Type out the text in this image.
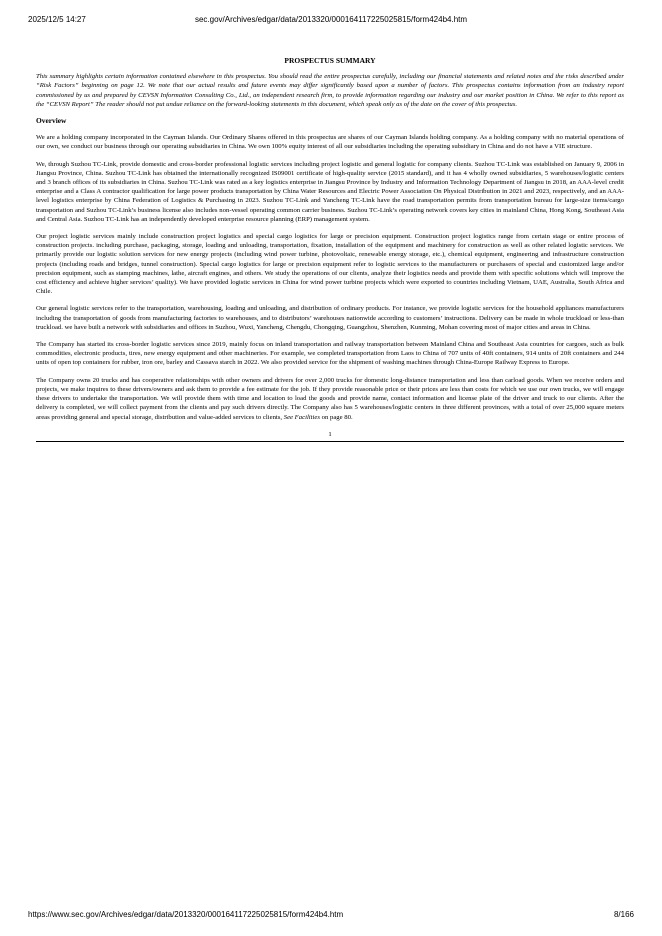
2025/12/5 14:27	sec.gov/Archives/edgar/data/2013320/000164117225025815/form424b4.htm
PROSPECTUS SUMMARY

This summary highlights certain information contained elsewhere in this prospectus. You should read the entire prospectus carefully, including our financial statements and related notes and the risks described under “Risk Factors” beginning on page 12. We note that our actual results and future events may differ significantly based upon a number of factors. This prospectus contains information from an industry report commissioned by us and prepared by CEVSN Information Consulting Co., Ltd., an independent research firm, to provide information regarding our industry and our market position in China. We refer to this report as the “CEVSN Report” The reader should not put undue reliance on the forward-looking statements in this document, which speak only as of the date on the cover of this prospectus.

Overview

We are a holding company incorporated in the Cayman Islands. Our Ordinary Shares offered in this prospectus are shares of our Cayman Islands holding company. As a holding company with no material operations of our own, we conduct our business through our operating subsidiaries in China. We own 100% equity interest of all our subsidiaries including the operating subsidiary in China and do not have a VIE structure.

We, through Suzhou TC-Link, provide domestic and cross-border professional logistic services including project logistic and general logistic for company clients. Suzhou TC-Link was established on January 9, 2006 in Jiangsu Province, China. Suzhou TC-Link has obtained the internationally recognized IS09001 certificate of high-quality service (2015 standard), and it has 4 wholly owned subsidiaries, 5 warehouses/logistic centers and 3 branch offices of its subsidiaries in China. Suzhou TC-Link was rated as a key logistics enterprise in Jiangsu Province by Industry and Information Technology Department of Jiangsu in 2018, an AAA-level credit enterprise and a Class A contractor qualification for large power products transportation by China Water Resources and Electric Power Association On Physical Distribution in 2021 and 2023, respectively, and an AAA-level logistics enterprise by China Federation of Logistics & Purchasing in 2023. Suzhou TC-Link and Yancheng TC-Link have the road transportation permits from transportation bureau for large-size items/cargo transportation and Suzhou TC-Link’s business license also includes non-vessel operating common carrier business. Suzhou TC-Link’s operating network covers key cities in mainland China, Hong Kong, Southeast Asia and Central Asia. Suzhou TC-Link has an independently developed enterprise resource planning (ERP) management system.

Our project logistic services mainly include construction project logistics and special cargo logistics for large or precision equipment. Construction project logistics range from certain stage or entire process of construction projects. including purchase, packaging, storage, loading and unloading, transportation, fixation, installation of the equipment and machinery for construction as well as other related logistic services. We primarily provide our logistic solution services for new energy projects (including wind power turbine, photovoltaic, renewable energy storage, etc.), chemical equipment, engineering and infrastructure construction projects (including roads and bridges, tunnel construction). Special cargo logistics for large or precision equipment refer to logistic services to the manufacturers or purchasers of special and customized large and/or precision equipment, such as stamping machines, lathe, aircraft engines, and others. We study the operations of our clients, analyze their logistics needs and provide them with specific solutions which will improve the cost efficiency and achieve higher services’ quality). We have provided logistic services in China for wind power turbine projects which were exported to countries including Vietnam, UAE, Australia, South Africa and Chile.

Our general logistic services refer to the transportation, warehousing, loading and unloading, and distribution of ordinary products. For instance, we provide logistic services for the household appliances manufacturers including the transportation of goods from manufacturing factories to warehouses, and to distributors’ warehouses nationwide according to customers’ instructions. Delivery can be made in whole truckload or less-than truckload. we have built a network with subsidiaries and offices in Suzhou, Wuxi, Yancheng, Chengdu, Chongqing, Guangzhou, Shenzhen, Kunming, Mohan covering most of major cities and areas in China.

The Company has started its cross-border logistic services since 2019, mainly focus on inland transportation and railway transportation between Mainland China and Southeast Asia countries for cargoes, such as bulk commodities, electronic products, tires, new energy equipment and other machineries. For example, we completed transportation from Laos to China of 707 units of 40ft containers, 914 units of 20ft containers and 244 units of open top containers for rubber, iron ore, barley and Cassava starch in 2022. We also provided service for the shipment of washing machines through China-Europe Railway Express to Europe.

The Company owns 20 trucks and has cooperative relationships with other owners and drivers for over 2,000 trucks for domestic long-distance transportation and less than carload goods. When we receive orders and projects, we make inquires to these drivers/owners and ask them to provide a fee estimate for the job. If they provide reasonable price or their prices are less than costs for which we use our own trucks, we will engage these drivers to undertake the transportation. We will provide them with time and location to load the goods and provide name, contact information and license plate of the driver and truck to our clients. After the delivery is completed, we will collect payment from the clients and pay such drivers directly. The Company also has 5 warehouses/logistic centers in three different provinces, with a total of over 25,000 square meters areas providing general and special storage, distribution and value-added services to clients, See Facilities on page 80.

1
https://www.sec.gov/Archives/edgar/data/2013320/000164117225025815/form424b4.htm	8/166
